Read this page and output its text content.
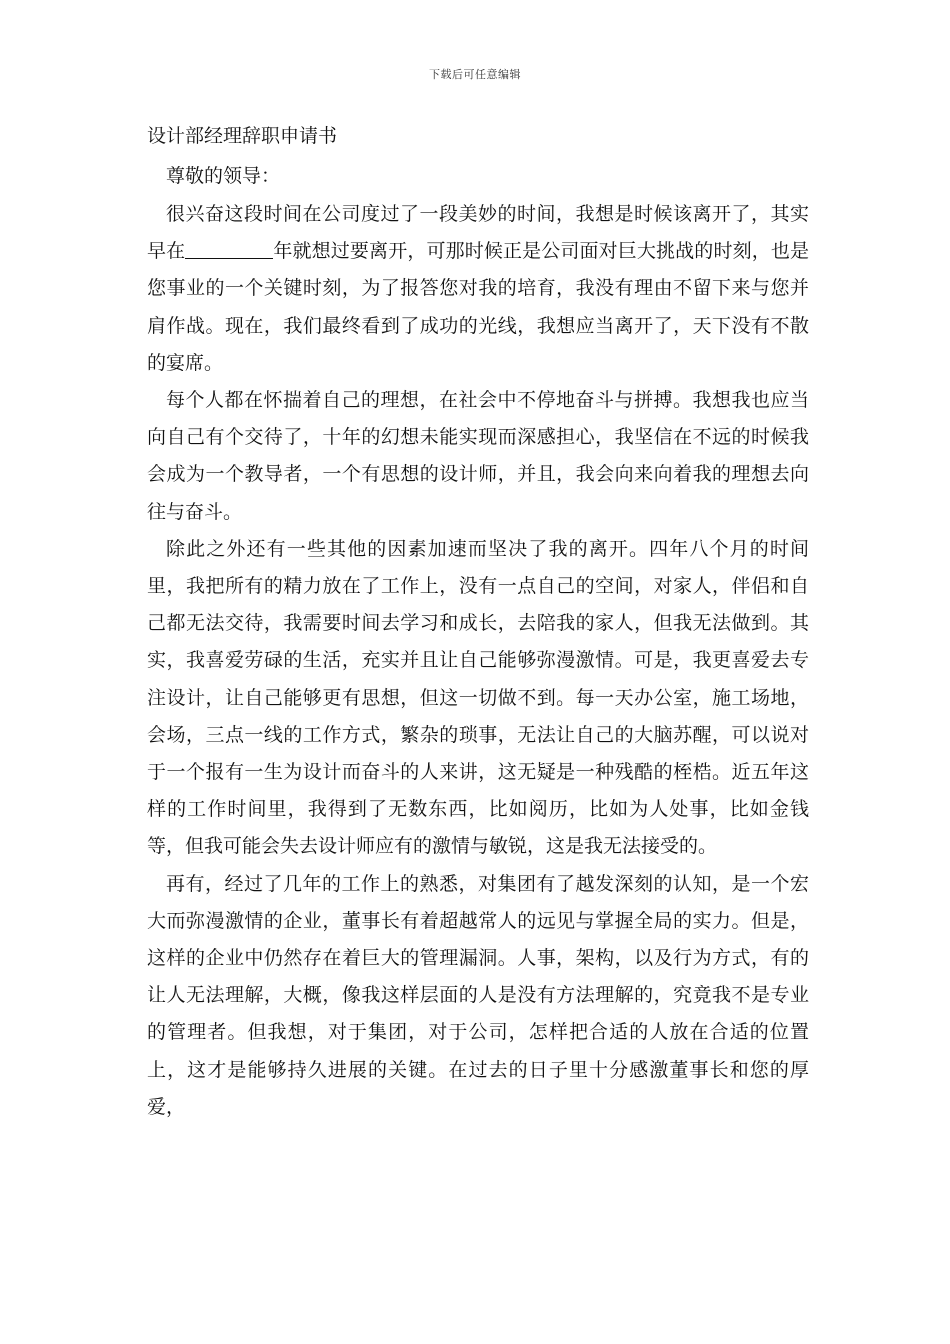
下载后可任意编辑

设计部经理辞职申请书

尊敬的领导：

很兴奋这段时间在公司度过了一段美妙的时间，我想是时候该离开了，其实早在	年就想过要离开，可那时候正是公司面对巨大挑战的时刻，也是您事业的一个关键时刻，为了报答您对我的培育，我没有理由不留下来与您并肩作战。现在，我们最终看到了成功的光线，我想应当离开了，天下没有不散的宴席。

每个人都在怀揣着自己的理想，在社会中不停地奋斗与拼搏。我想我也应当向自己有个交待了，十年的幻想未能实现而深感担心，我坚信在不远的时候我会成为一个教导者，一个有思想的设计师，并且，我会向来向着我的理想去向往与奋斗。

除此之外还有一些其他的因素加速而坚决了我的离开。四年八个月的时间里，我把所有的精力放在了工作上，没有一点自己的空间，对家人，伴侣和自己都无法交待，我需要时间去学习和成长，去陪我的家人，但我无法做到。其实，我喜爱劳碌的生活，充实并且让自己能够弥漫激情。可是，我更喜爱去专注设计，让自己能够更有思想，但这一切做不到。每一天办公室，施工场地，会场，三点一线的工作方式，繁杂的琐事，无法让自己的大脑苏醒，可以说对于一个报有一生为设计而奋斗的人来讲，这无疑是一种残酷的桎梏。近五年这样的工作时间里，我得到了无数东西，比如阅历，比如为人处事，比如金钱等，但我可能会失去设计师应有的激情与敏锐，这是我无法接受的。

再有，经过了几年的工作上的熟悉，对集团有了越发深刻的认知，是一个宏大而弥漫激情的企业，董事长有着超越常人的远见与掌握全局的实力。但是，这样的企业中仍然存在着巨大的管理漏洞。人事，架构，以及行为方式，有的让人无法理解，大概，像我这样层面的人是没有方法理解的，究竟我不是专业的管理者。但我想，对于集团，对于公司，怎样把合适的人放在合适的位置上，这才是能够持久进展的关键。在过去的日子里十分感激董事长和您的厚爱，
